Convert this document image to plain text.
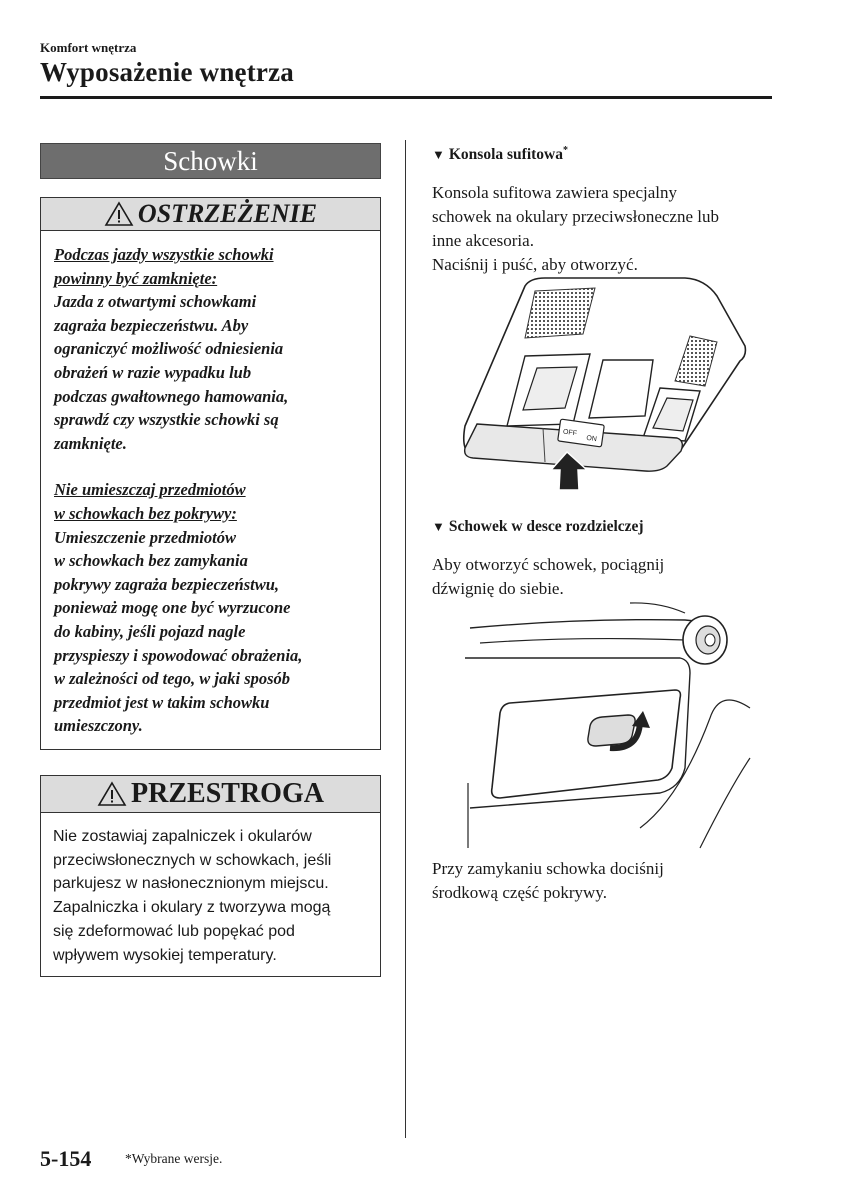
Komfort wnętrza
Wyposażenie wnętrza
Schowki
OSTRZEŻENIE
Podczas jazdy wszystkie schowki
powinny być zamknięte:
Jazda z otwartymi schowkami
zagraża bezpieczeństwu. Aby
ograniczyć możliwość odniesienia
obrażeń w razie wypadku lub
podczas gwałtownego hamowania,
sprawdź czy wszystkie schowki są
zamknięte.
Nie umieszczaj przedmiotów
w schowkach bez pokrywy:
Umieszczenie przedmiotów
w schowkach bez zamykania
pokrywy zagraża bezpieczeństwu,
ponieważ mogę one być wyrzucone
do kabiny, jeśli pojazd nagle
przyspieszy i spowodować obrażenia,
w zależności od tego, w jaki sposób
przedmiot jest w takim schowku
umieszczony.
PRZESTROGA
Nie zostawiaj zapalniczek i okularów
przeciwsłonecznych w schowkach, jeśli
parkujesz w nasłonecznionym miejscu.
Zapalniczka i okulary z tworzywa mogą
się zdeformować lub popękać pod
wpływem wysokiej temperatury.
▼ Konsola sufitowa*
Konsola sufitowa zawiera specjalny
schowek na okulary przeciwsłoneczne lub
inne akcesoria.
Naciśnij i puść, aby otworzyć.
OFF
ON
▼ Schowek w desce rozdzielczej
Aby otworzyć schowek, pociągnij
dźwignię do siebie.
Przy zamykaniu schowka dociśnij
środkową część pokrywy.
5-154 *Wybrane wersje.
